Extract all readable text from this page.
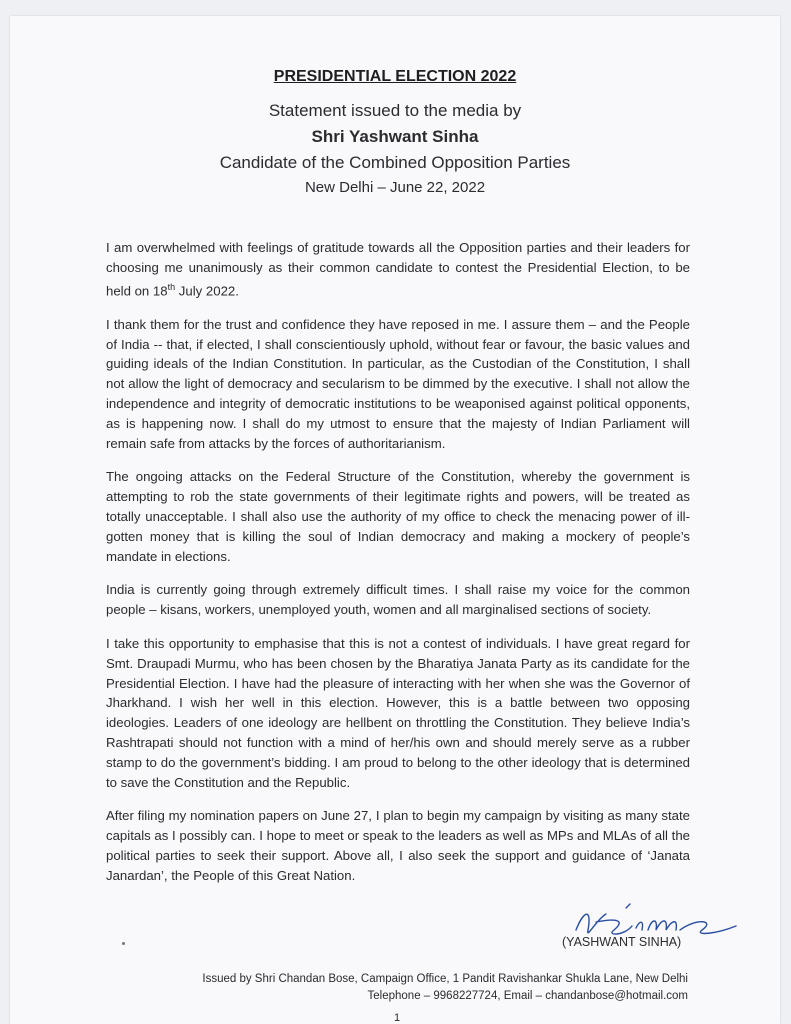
PRESIDENTIAL ELECTION 2022
Statement issued to the media by
Shri Yashwant Sinha
Candidate of the Combined Opposition Parties
New Delhi – June 22, 2022

I am overwhelmed with feelings of gratitude towards all the Opposition parties and their leaders for choosing me unanimously as their common candidate to contest the Presidential Election, to be held on 18th July 2022.

I thank them for the trust and confidence they have reposed in me. I assure them – and the People of India -- that, if elected, I shall conscientiously uphold, without fear or favour, the basic values and guiding ideals of the Indian Constitution. In particular, as the Custodian of the Constitution, I shall not allow the light of democracy and secularism to be dimmed by the executive. I shall not allow the independence and integrity of democratic institutions to be weaponised against political opponents, as is happening now. I shall do my utmost to ensure that the majesty of Indian Parliament will remain safe from attacks by the forces of authoritarianism.

The ongoing attacks on the Federal Structure of the Constitution, whereby the government is attempting to rob the state governments of their legitimate rights and powers, will be treated as totally unacceptable. I shall also use the authority of my office to check the menacing power of ill-gotten money that is killing the soul of Indian democracy and making a mockery of people’s mandate in elections.

India is currently going through extremely difficult times. I shall raise my voice for the common people – kisans, workers, unemployed youth, women and all marginalised sections of society.

I take this opportunity to emphasise that this is not a contest of individuals. I have great regard for Smt. Draupadi Murmu, who has been chosen by the Bharatiya Janata Party as its candidate for the Presidential Election. I have had the pleasure of interacting with her when she was the Governor of Jharkhand. I wish her well in this election. However, this is a battle between two opposing ideologies. Leaders of one ideology are hellbent on throttling the Constitution. They believe India’s Rashtrapati should not function with a mind of her/his own and should merely serve as a rubber stamp to do the government’s bidding. I am proud to belong to the other ideology that is determined to save the Constitution and the Republic.

After filing my nomination papers on June 27, I plan to begin my campaign by visiting as many state capitals as I possibly can. I hope to meet or speak to the leaders as well as MPs and MLAs of all the political parties to seek their support. Above all, I also seek the support and guidance of ‘Janata Janardan’, the People of this Great Nation.

(YASHWANT SINHA)
Issued by Shri Chandan Bose, Campaign Office, 1 Pandit Ravishankar Shukla Lane, New Delhi
Telephone – 9968227724, Email – chandanbose@hotmail.com
1
